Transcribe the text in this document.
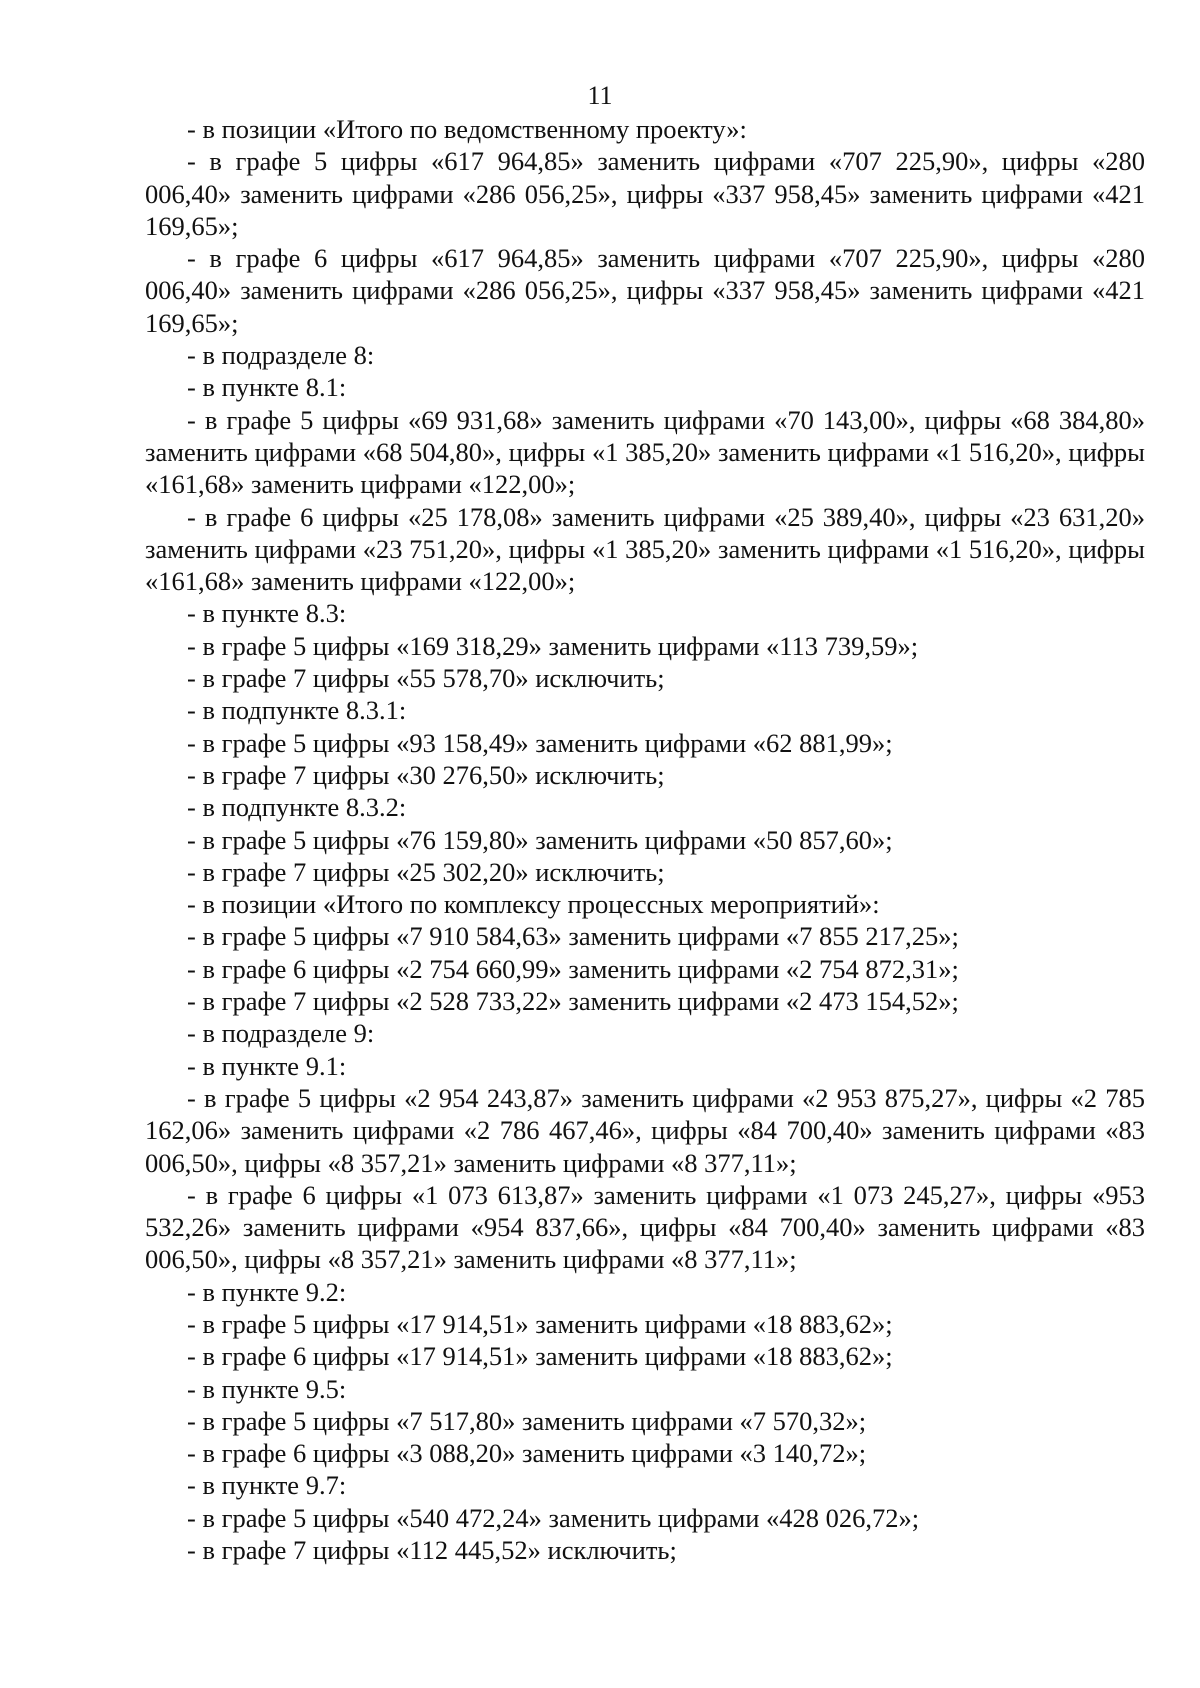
11
- в позиции «Итого по ведомственному проекту»:
- в графе 5 цифры «617 964,85» заменить цифрами «707 225,90», цифры «280 006,40» заменить цифрами «286 056,25», цифры «337 958,45» заменить цифрами «421 169,65»;
- в графе 6 цифры «617 964,85» заменить цифрами «707 225,90», цифры «280 006,40» заменить цифрами «286 056,25», цифры «337 958,45» заменить цифрами «421 169,65»;
- в подразделе 8:
- в пункте 8.1:
- в графе 5 цифры «69 931,68» заменить цифрами «70 143,00», цифры «68 384,80» заменить цифрами «68 504,80», цифры «1 385,20» заменить цифрами «1 516,20», цифры «161,68» заменить цифрами «122,00»;
- в графе 6 цифры «25 178,08» заменить цифрами «25 389,40», цифры «23 631,20» заменить цифрами «23 751,20», цифры «1 385,20» заменить цифрами «1 516,20», цифры «161,68» заменить цифрами «122,00»;
- в пункте 8.3:
- в графе 5 цифры «169 318,29» заменить цифрами «113 739,59»;
- в графе 7 цифры «55 578,70» исключить;
- в подпункте 8.3.1:
- в графе 5 цифры «93 158,49» заменить цифрами «62 881,99»;
- в графе 7 цифры «30 276,50» исключить;
- в подпункте 8.3.2:
- в графе 5 цифры «76 159,80» заменить цифрами «50 857,60»;
- в графе 7 цифры «25 302,20» исключить;
- в позиции «Итого по комплексу процессных мероприятий»:
- в графе 5 цифры «7 910 584,63» заменить цифрами «7 855 217,25»;
- в графе 6 цифры «2 754 660,99» заменить цифрами «2 754 872,31»;
- в графе 7 цифры «2 528 733,22» заменить цифрами «2 473 154,52»;
- в подразделе 9:
- в пункте 9.1:
- в графе 5 цифры «2 954 243,87» заменить цифрами «2 953 875,27», цифры «2 785 162,06» заменить цифрами «2 786 467,46», цифры «84 700,40» заменить цифрами «83 006,50», цифры «8 357,21» заменить цифрами «8 377,11»;
- в графе 6 цифры «1 073 613,87» заменить цифрами «1 073 245,27», цифры «953 532,26» заменить цифрами «954 837,66», цифры «84 700,40» заменить цифрами «83 006,50», цифры «8 357,21» заменить цифрами «8 377,11»;
- в пункте 9.2:
- в графе 5 цифры «17 914,51» заменить цифрами «18 883,62»;
- в графе 6 цифры «17 914,51» заменить цифрами «18 883,62»;
- в пункте 9.5:
- в графе 5 цифры «7 517,80» заменить цифрами «7 570,32»;
- в графе 6 цифры «3 088,20» заменить цифрами «3 140,72»;
- в пункте 9.7:
- в графе 5 цифры «540 472,24» заменить цифрами «428 026,72»;
- в графе 7 цифры «112 445,52» исключить;
